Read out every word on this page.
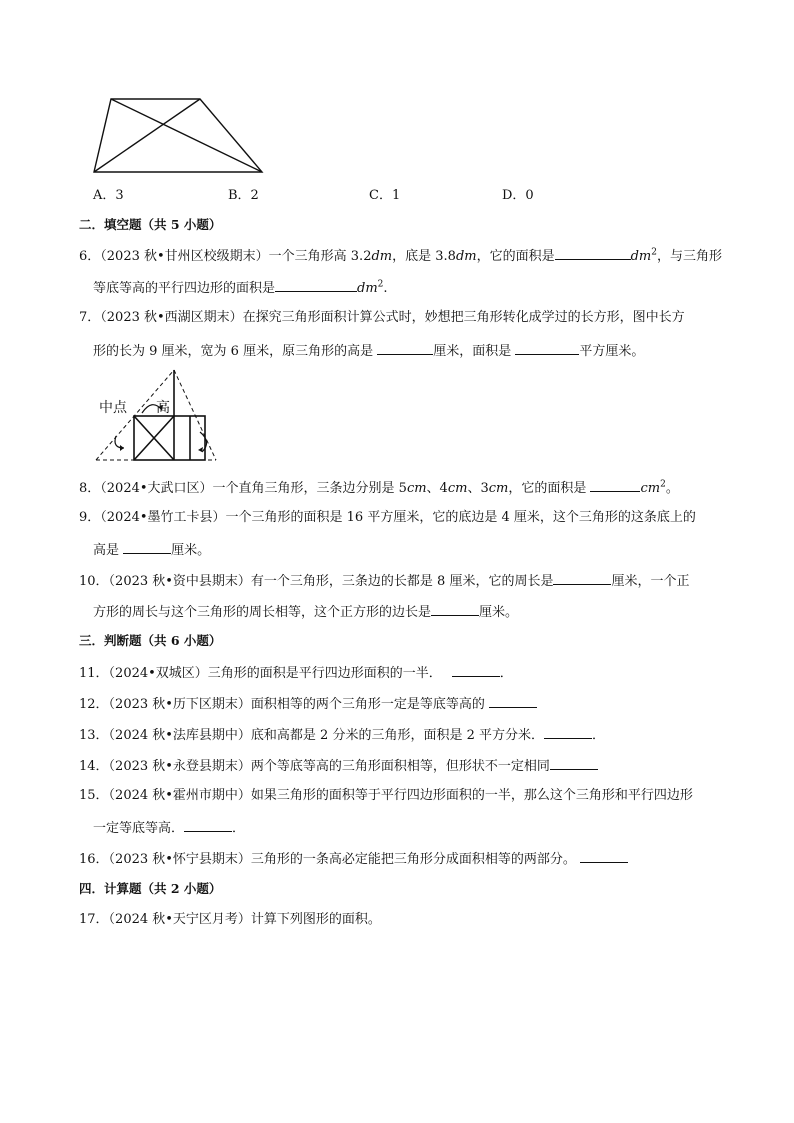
A．3	B．2	C．1	D．0
二．填空题（共 5 小题）
6．（2023 秋•甘州区校级期末）一个三角形高 3.2dm，底是 3.8dm，它的面积是	$dm^2$，与三角形
等底等高的平行四边形的面积是	$dm^2$.
7．（2023 秋•西湖区期末）在探究三角形面积计算公式时，妙想把三角形转化成学过的长方形，图中长方
形的长为 9 厘米，宽为 6 厘米，原三角形的高是	厘米，面积是	平方厘米。
中点 高
8．（2024•大武口区）一个直角三角形，三条边分别是 5cm、4cm、3cm，它的面积是	$cm^2$。
9．（2024•墨竹工卡县）一个三角形的面积是 16 平方厘米，它的底边是 4 厘米，这个三角形的这条底上的
高是	厘米。
10．（2023 秋•资中县期末）有一个三角形，三条边的长都是 8 厘米，它的周长是	厘米，一个正
方形的周长与这个三角形的周长相等，这个正方形的边长是	厘米。
三．判断题（共 6 小题）
11．（2024•双城区）三角形的面积是平行四边形面积的一半．	．
12．（2023 秋•历下区期末）面积相等的两个三角形一定是等底等高的
13．（2024 秋•法库县期中）底和高都是 2 分米的三角形，面积是 2 平方分米．	．
14．（2023 秋•永登县期末）两个等底等高的三角形面积相等，但形状不一定相同
15．（2024 秋•霍州市期中）如果三角形的面积等于平行四边形面积的一半，那么这个三角形和平行四边形
一定等底等高．	．
16．（2023 秋•怀宁县期末）三角形的一条高必定能把三角形分成面积相等的两部分。
四．计算题（共 2 小题）
17．（2024 秋•天宁区月考）计算下列图形的面积。
